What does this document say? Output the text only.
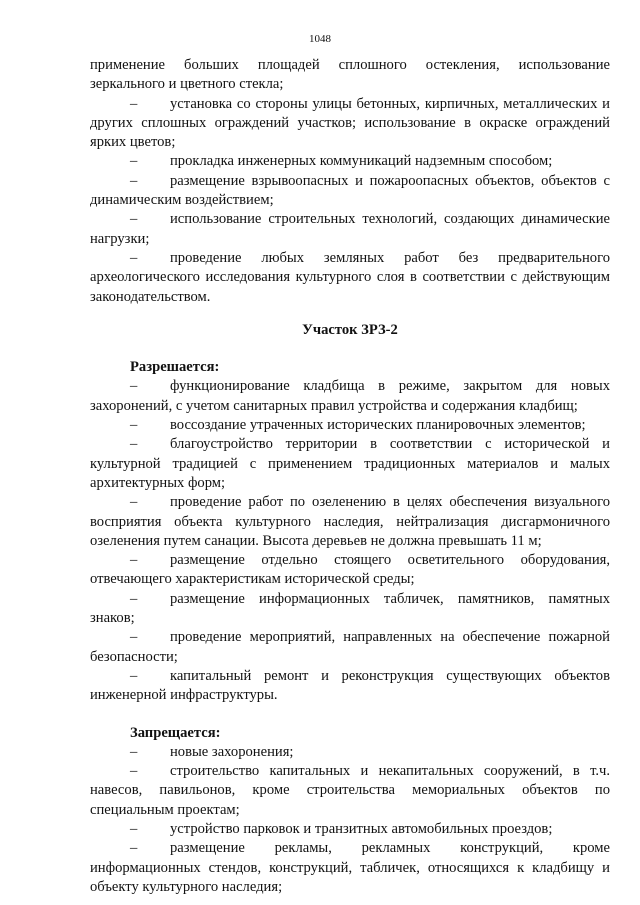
1048

применение больших площадей сплошного остекления, использование зеркального и цветного стекла;

– установка со стороны улицы бетонных, кирпичных, металлических и других сплошных ограждений участков; использование в окраске ограждений ярких цветов;

– прокладка инженерных коммуникаций надземным способом;

– размещение взрывоопасных и пожароопасных объектов, объектов с динамическим воздействием;

– использование строительных технологий, создающих динамические нагрузки;

– проведение любых земляных работ без предварительного археологического исследования культурного слоя в соответствии с действующим законодательством.

Участок ЗРЗ-2

Разрешается:

– функционирование кладбища в режиме, закрытом для новых захоронений, с учетом санитарных правил устройства и содержания кладбищ;

– воссоздание утраченных исторических планировочных элементов;

– благоустройство территории в соответствии с исторической и культурной традицией с применением традиционных материалов и малых архитектурных форм;

– проведение работ по озеленению в целях обеспечения визуального восприятия объекта культурного наследия, нейтрализация дисгармоничного озеленения путем санации. Высота деревьев не должна превышать 11 м;

– размещение отдельно стоящего осветительного оборудования, отвечающего характеристикам исторической среды;

– размещение информационных табличек, памятников, памятных знаков;

– проведение мероприятий, направленных на обеспечение пожарной безопасности;

– капитальный ремонт и реконструкция существующих объектов инженерной инфраструктуры.

Запрещается:

– новые захоронения;

– строительство капитальных и некапитальных сооружений, в т.ч. навесов, павильонов, кроме строительства мемориальных объектов по специальным проектам;

– устройство парковок и транзитных автомобильных проездов;

– размещение рекламы, рекламных конструкций, кроме информационных стендов, конструкций, табличек, относящихся к кладбищу и объекту культурного наследия;
